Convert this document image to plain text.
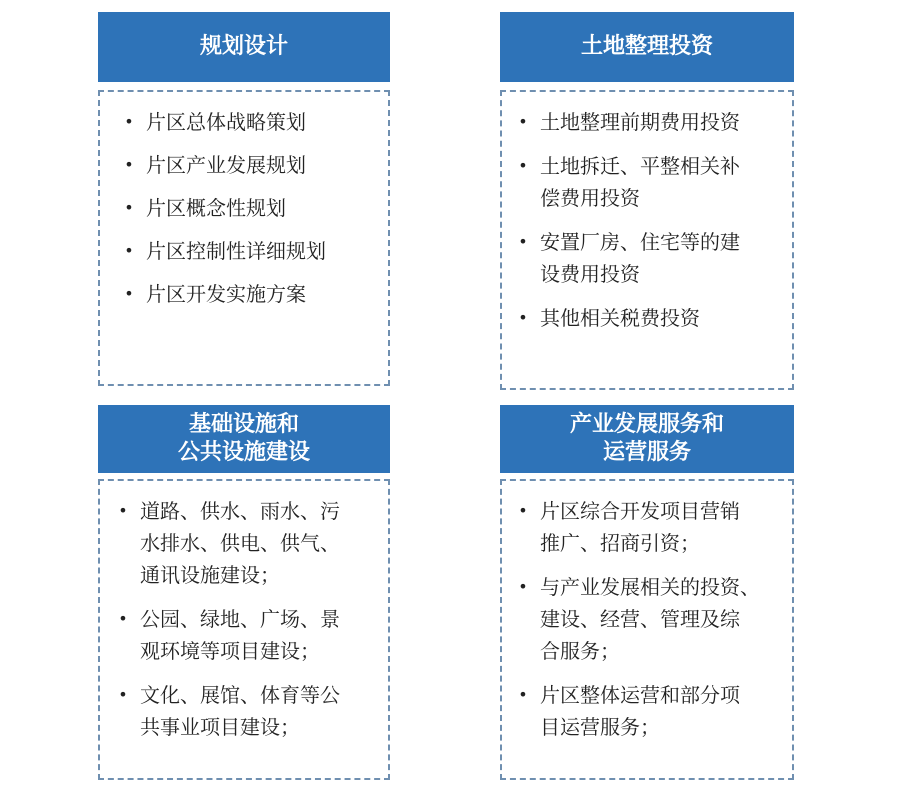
规划设计
• 片区总体战略策划
• 片区产业发展规划
• 片区概念性规划
• 片区控制性详细规划
• 片区开发实施方案
土地整理投资
• 土地整理前期费用投资
• 土地拆迁、平整相关补
偿费用投资
• 安置厂房、住宅等的建
设费用投资
• 其他相关税费投资
基础设施和
公共设施建设
• 道路、供水、雨水、污
水排水、供电、供气、
通讯设施建设；
• 公园、绿地、广场、景
观环境等项目建设；
• 文化、展馆、体育等公
共事业项目建设；
产业发展服务和
运营服务
• 片区综合开发项目营销
推广、招商引资；
• 与产业发展相关的投资、
建设、经营、管理及综
合服务；
• 片区整体运营和部分项
目运营服务；
